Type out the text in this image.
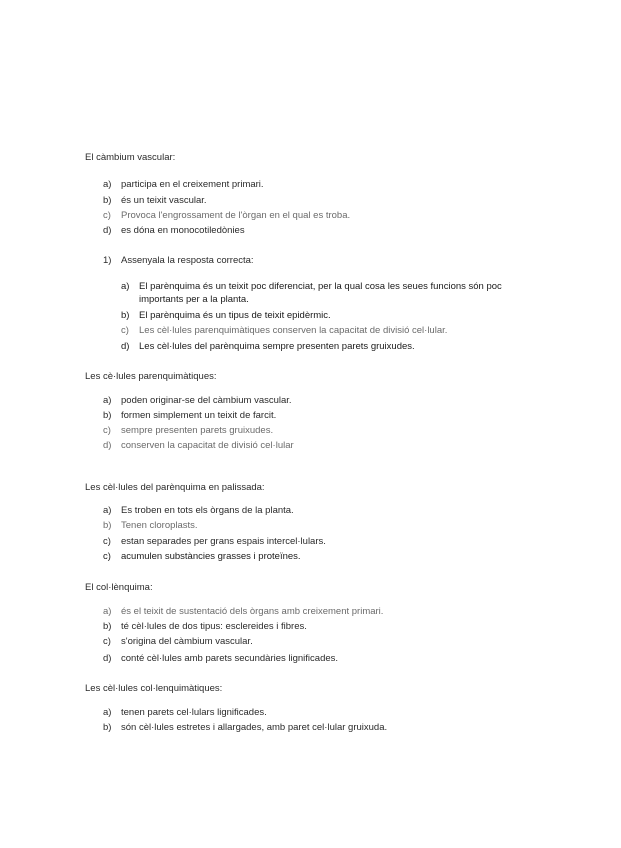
El càmbium vascular:
a)	participa en el creixement primari.
b)	és un teixit vascular.
c)	Provoca l'engrossament de l'òrgan en el qual es troba.
d)	es dóna en monocotiledònies
1)	Assenyala la resposta correcta:
a)	El parènquima és un teixit poc diferenciat, per la qual cosa les seues funcions són poc
importants per a la planta.
b)	El parènquima és un tipus de teixit epidèrmic.
c)	Les cèl·lules parenquimàtiques conserven la capacitat de divisió cel·lular.
d)	Les cèl·lules del parènquima sempre presenten parets gruixudes.
Les cè·lules parenquimàtiques:
a)	poden originar-se del càmbium vascular.
b)	formen simplement un teixit de farcit.
c)	sempre presenten parets gruixudes.
d)	conserven la capacitat de divisió cel·lular
Les cèl·lules del parènquima en palissada:
a)	Es troben en tots els òrgans de la planta.
b)	Tenen cloroplasts.
c)	estan separades per grans espais intercel·lulars.
c)	acumulen substàncies grasses i proteïnes.
El col·lènquima:
a)	és el teixit de sustentació dels òrgans amb creixement primari.
b)	té cèl·lules de dos tipus: esclereides i fibres.
c)	s'origina del càmbium vascular.
d)	conté cèl·lules amb parets secundàries lignificades.
Les cèl·lules col·lenquimàtiques:
a)	tenen parets cel·lulars lignificades.
b)	són cèl·lules estretes i allargades, amb paret cel·lular gruixuda.
